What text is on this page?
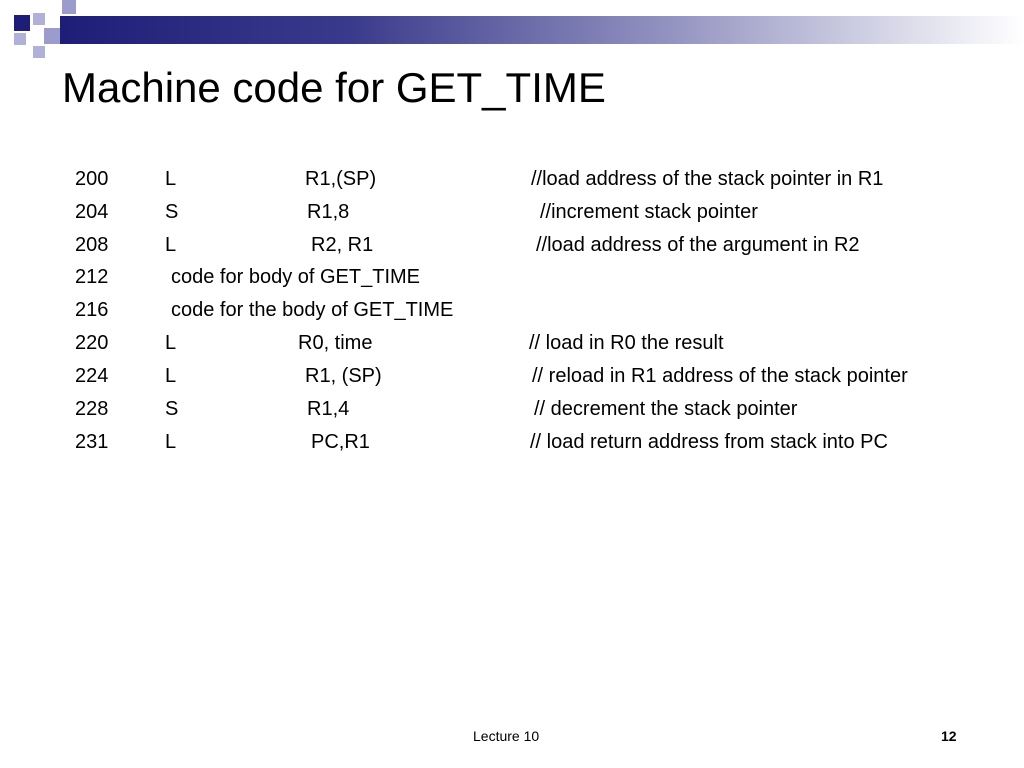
Machine code for GET_TIME
200	L	R1,(SP)	//load address of the stack pointer in R1
204	S	R1,8	//increment stack pointer
208	L	R2, R1	//load address of the argument in R2
212	code for body of GET_TIME
216	code for the body of GET_TIME
220	L	R0, time	// load in R0 the result
224	L	R1, (SP)	// reload in R1 address of the stack pointer
228	S	R1,4	// decrement the stack pointer
231	L	PC,R1	// load return address from stack into PC
Lecture 10	12
